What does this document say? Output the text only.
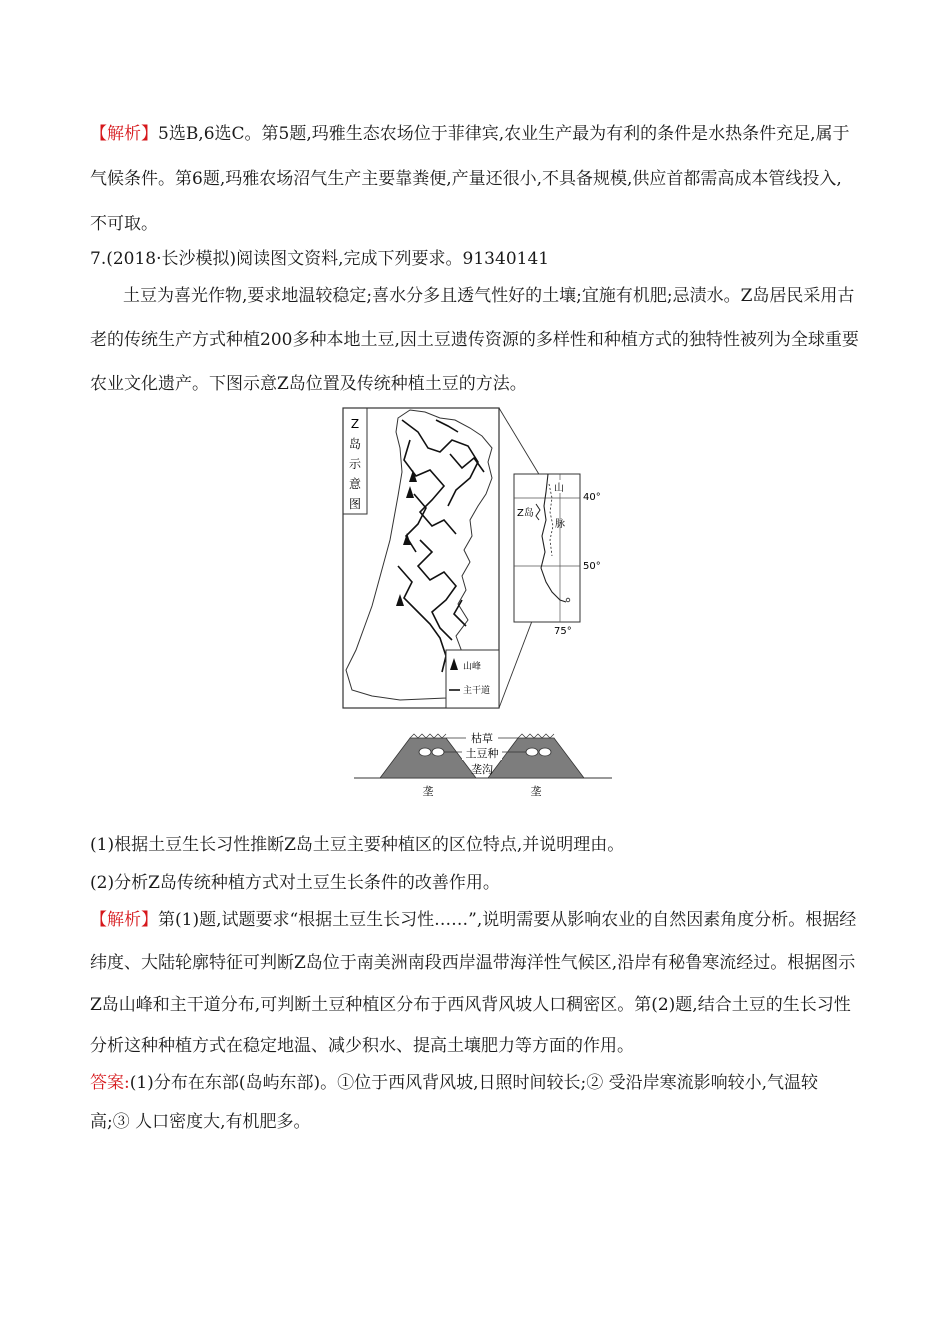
【解析】5选B,6选C。第5题,玛雅生态农场位于菲律宾,农业生产最为有利的条件是水热条件充足,属于
气候条件。第6题,玛雅农场沼气生产主要靠粪便,产量还很小,不具备规模,供应首都需高成本管线投入,
不可取。
7.(2018·长沙模拟)阅读图文资料,完成下列要求。91340141
土豆为喜光作物,要求地温较稳定;喜水分多且透气性好的土壤;宜施有机肥;忌渍水。Z岛居民采用古
老的传统生产方式种植200多种本地土豆,因土豆遗传资源的多样性和种植方式的独特性被列为全球重要
农业文化遗产。下图示意Z岛位置及传统种植土豆的方法。
Z
岛
示
意
图
山峰
主干道
Z岛
山
脉
40°
50°
75°
枯草
土豆种
垄沟
垄	垄
(1)根据土豆生长习性推断Z岛土豆主要种植区的区位特点,并说明理由。
(2)分析Z岛传统种植方式对土豆生长条件的改善作用。
【解析】第(1)题,试题要求“根据土豆生长习性……”,说明需要从影响农业的自然因素角度分析。根据经
纬度、大陆轮廓特征可判断Z岛位于南美洲南段西岸温带海洋性气候区,沿岸有秘鲁寒流经过。根据图示
Z岛山峰和主干道分布,可判断土豆种植区分布于西风背风坡人口稠密区。第(2)题,结合土豆的生长习性
分析这种种植方式在稳定地温、减少积水、提高土壤肥力等方面的作用。
答案:(1)分布在东部(岛屿东部)。①位于西风背风坡,日照时间较长;② 受沿岸寒流影响较小,气温较
高;③ 人口密度大,有机肥多。
